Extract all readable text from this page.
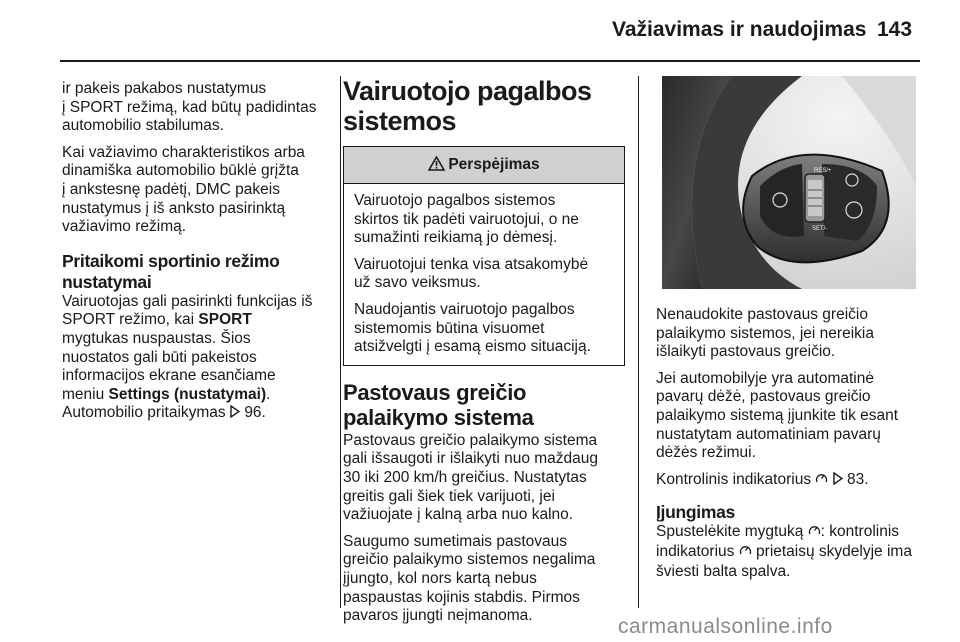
Važiavimas ir naudojimas 143

ir pakeis pakabos nustatymus
į SPORT režimą, kad būtų padidintas
automobilio stabilumas.

Kai važiavimo charakteristikos arba
dinamiška automobilio būklė grįžta
į ankstesnę padėtį, DMC pakeis
nustatymus į iš anksto pasirinktą
važiavimo režimą.

Pritaikomi sportinio režimo
nustatymai

Vairuotojas gali pasirinkti funkcijas iš
SPORT režimo, kai SPORT
mygtukas nuspaustas. Šios
nuostatos gali būti pakeistos
informacijos ekrane esančiame
meniu Settings (nustatymai).
Automobilio pritaikymas 96.

Vairuotojo pagalbos
sistemos
Perspėjimas

Vairuotojo pagalbos sistemos
skirtos tik padėti vairuotojui, o ne
sumažinti reikiamą jo dėmesį.

Vairuotojui tenka visa atsakomybė
už savo veiksmus.

Naudojantis vairuotojo pagalbos
sistemomis būtina visuomet
atsižvelgti į esamą eismo situaciją.

Pastovaus greičio
palaikymo sistema

Pastovaus greičio palaikymo sistema
gali išsaugoti ir išlaikyti nuo maždaug
30 iki 200 km/h greičius. Nustatytas
greitis gali šiek tiek varijuoti, jei
važiuojate į kalną arba nuo kalno.

Saugumo sumetimais pastovaus
greičio palaikymo sistemos negalima
įjungto, kol nors kartą nebus
paspaustas kojinis stabdis. Pirmos
pavaros įjungti neįmanoma.

RES/+
SET/-

Nenaudokite pastovaus greičio
palaikymo sistemos, jei nereikia
išlaikyti pastovaus greičio.

Jei automobilyje yra automatinė
pavarų dėžė, pastovaus greičio
palaikymo sistemą įjunkite tik esant
nustatytam automatiniam pavarų
dėžės režimui.

Kontrolinis indikatorius 83.

Įjungimas

Spustelėkite mygtuką : kontrolinis
indikatorius prietaisų skydelyje ima
šviesti balta spalva.

carmanualsonline.info
